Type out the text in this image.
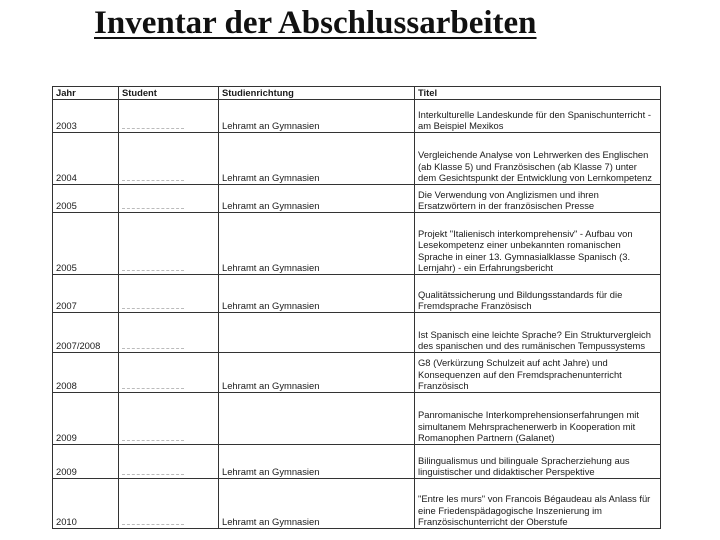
Inventar der Abschlussarbeiten
Jahr	Student	Studienrichtung	Titel
2003		Lehramt an Gymnasien	Interkulturelle Landeskunde für den Spanischunterricht - am Beispiel Mexikos
2004		Lehramt an Gymnasien	Vergleichende Analyse von Lehrwerken des Englischen (ab Klasse 5) und Französischen (ab Klasse 7) unter dem Gesichtspunkt der Entwicklung von Lernkompetenz
2005		Lehramt an Gymnasien	Die Verwendung von Anglizismen und ihren Ersatzwörtern in der französischen Presse
2005		Lehramt an Gymnasien	Projekt "Italienisch interkomprehensiv" - Aufbau von Lesekompetenz einer unbekannten romanischen Sprache in einer 13. Gymnasialklasse Spanisch (3. Lernjahr) - ein Erfahrungsbericht
2007		Lehramt an Gymnasien	Qualitätssicherung und Bildungsstandards für die Fremdsprache Französisch
2007/2008			Ist Spanisch eine leichte Sprache? Ein Strukturvergleich des spanischen und des rumänischen Tempussystems
2008		Lehramt an Gymnasien	G8 (Verkürzung Schulzeit auf acht Jahre) und Konsequenzen auf den Fremdsprachenunterricht Französisch
2009			Panromanische Interkomprehensionserfahrungen mit simultanem Mehrsprachenerwerb in Kooperation mit Romanophen Partnern (Galanet)
2009		Lehramt an Gymnasien	Bilingualismus und bilinguale Spracherziehung aus linguistischer und didaktischer Perspektive
2010		Lehramt an Gymnasien	"Entre les murs" von Francois Bégaudeau als Anlass für eine Friedenspädagogische Inszenierung im Französischunterricht der Oberstufe
